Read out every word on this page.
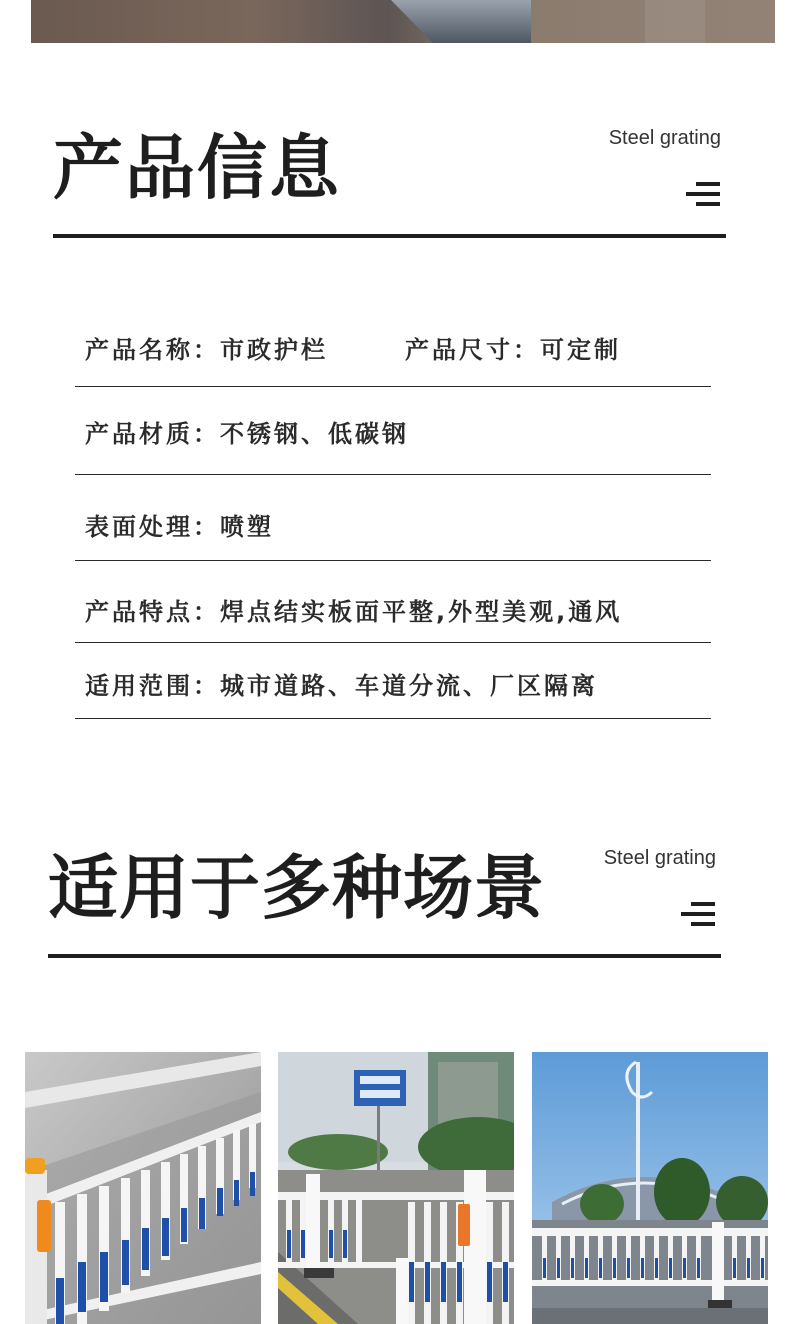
产品信息	Steel grating
产品名称：市政护栏	产品尺寸：可定制
产品材质：不锈钢、低碳钢
表面处理：喷塑
产品特点：焊点结实板面平整,外型美观,通风
适用范围：城市道路、车道分流、厂区隔离
适用于多种场景	Steel grating
